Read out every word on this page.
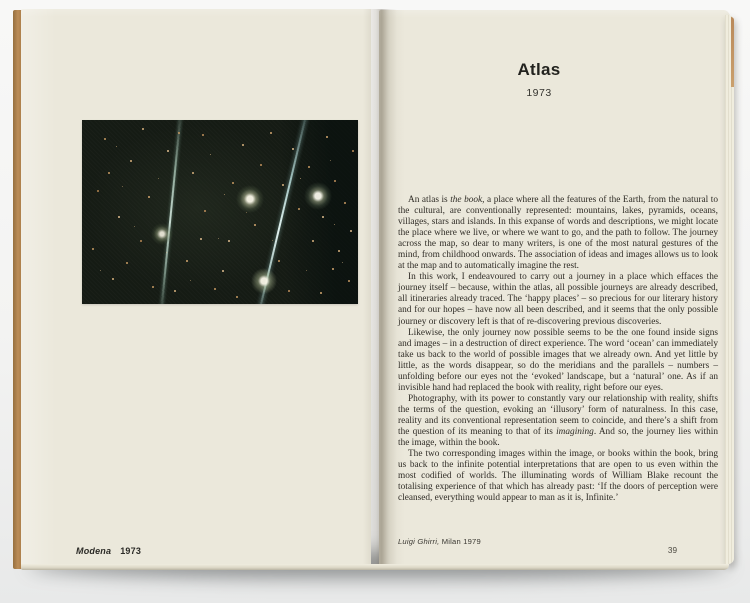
Modena 1973
Atlas
1973

An atlas is the book, a place where all the features of the Earth, from the natural to the cultural, are conventionally represented: mountains, lakes, pyramids, oceans, villages, stars and islands. In this expanse of words and descriptions, we might locate the place where we live, or where we want to go, and the path to follow. The journey across the map, so dear to many writers, is one of the most natural gestures of the mind, from childhood onwards. The association of ideas and images allows us to look at the map and to automatically imagine the rest.

In this work, I endeavoured to carry out a journey in a place which effaces the journey itself – because, within the atlas, all possible journeys are already described, all itineraries already traced. The ‘happy places’ – so precious for our literary history and for our hopes – have now all been described, and it seems that the only possible journey or discovery left is that of re-discovering previous discoveries.

Likewise, the only journey now possible seems to be the one found inside signs and images – in a destruction of direct experience. The word ‘ocean’ can immediately take us back to the world of possible images that we already own. And yet little by little, as the words disappear, so do the meridians and the parallels – numbers – unfolding before our eyes not the ‘evoked’ landscape, but a ‘natural’ one. As if an invisible hand had replaced the book with reality, right before our eyes.

Photography, with its power to constantly vary our relationship with reality, shifts the terms of the question, evoking an ‘illusory’ form of naturalness. In this case, reality and its conventional representation seem to coincide, and there’s a shift from the question of its meaning to that of its imagining. And so, the journey lies within the image, within the book.

The two corresponding images within the image, or books within the book, bring us back to the infinite potential interpretations that are open to us even within the most codified of worlds. The illuminating words of William Blake recount the totalising experience of that which has already past: ‘If the doors of perception were cleansed, everything would appear to man as it is, Infinite.’

Luigi Ghirri, Milan 1979
39
